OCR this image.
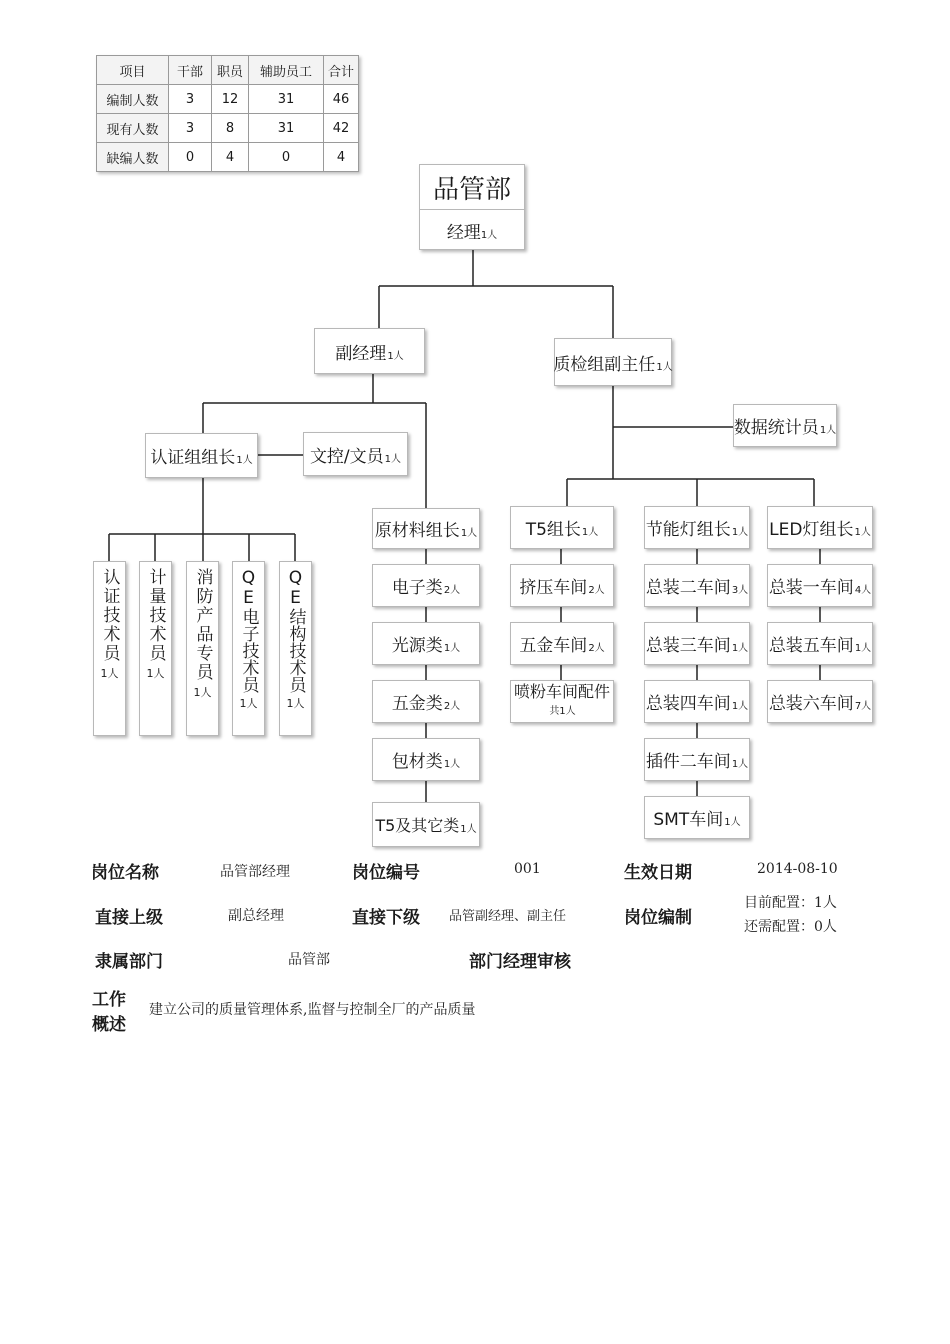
项目	干部	职员	辅助员工	合计
编制人数	3	12	31	46
现有人数	3	8	31	42
缺编人数	0	4	0	4
品管部
经理 1人
副经理 1人	质检组副主任 1人
数据统计员 1人
认证组组长 1人	文控/文员 1人
认证技术员
1人
计量技术员
1人 消防产品专员
1人 QE电子技术员
1人
QE结构技术员
1人
原材料组长 1人
电子类 2人
光源类 1人
五金类 2人
包材类 1人
T5及其它类 1人
T5组长 1人
挤压车间 2人
五金车间 2人
喷粉车间配件
共1人
节能灯组长 1人
总装二车间 3人
总装三车间 1人
总装四车间 1人
插件二车间 1人
SMT车间 1人
LED灯组长 1人
总装一车间 4人
总装五车间 1人
总装六车间 7人
岗位名称	品管部经理	岗位编号	001	生效日期	2014-08-10
直接上级	副总经理	直接下级 品管副经理、副主任	岗位编制
目前配置：1人
还需配置：0人
隶属部门	品管部	部门经理审核
工作
概述
建立公司的质量管理体系,监督与控制全厂的产品质量
